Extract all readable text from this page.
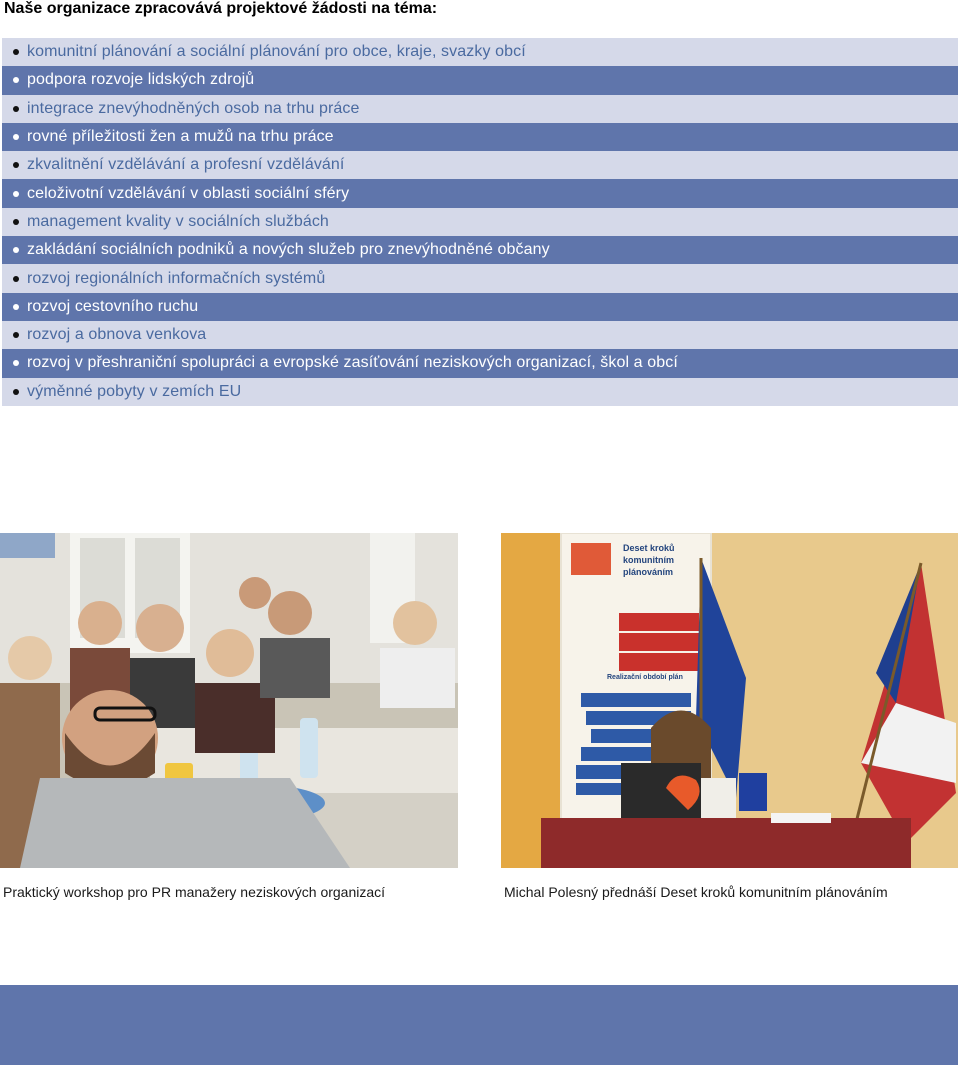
Naše organizace zpracovává projektové žádosti na téma:
komunitní plánování a sociální plánování pro obce, kraje, svazky obcí
podpora rozvoje lidských zdrojů
integrace znevýhodněných osob na trhu práce
rovné příležitosti žen a mužů na trhu práce
zkvalitnění vzdělávání a profesní vzdělávání
celoživotní vzdělávání v oblasti sociální sféry
management kvality v sociálních službách
zakládání sociálních podniků a nových služeb pro znevýhodněné občany
rozvoj regionálních informačních systémů
rozvoj cestovního ruchu
rozvoj a obnova venkova
rozvoj v přeshraniční spolupráci a evropské zasíťování neziskových organizací, škol a obcí
výměnné pobyty v zemích EU
Deset kroků
komunitním
plánováním
Realizační období plán
Praktický workshop pro PR manažery neziskových organizací	Michal Polesný přednáší Deset kroků komunitním plánováním
